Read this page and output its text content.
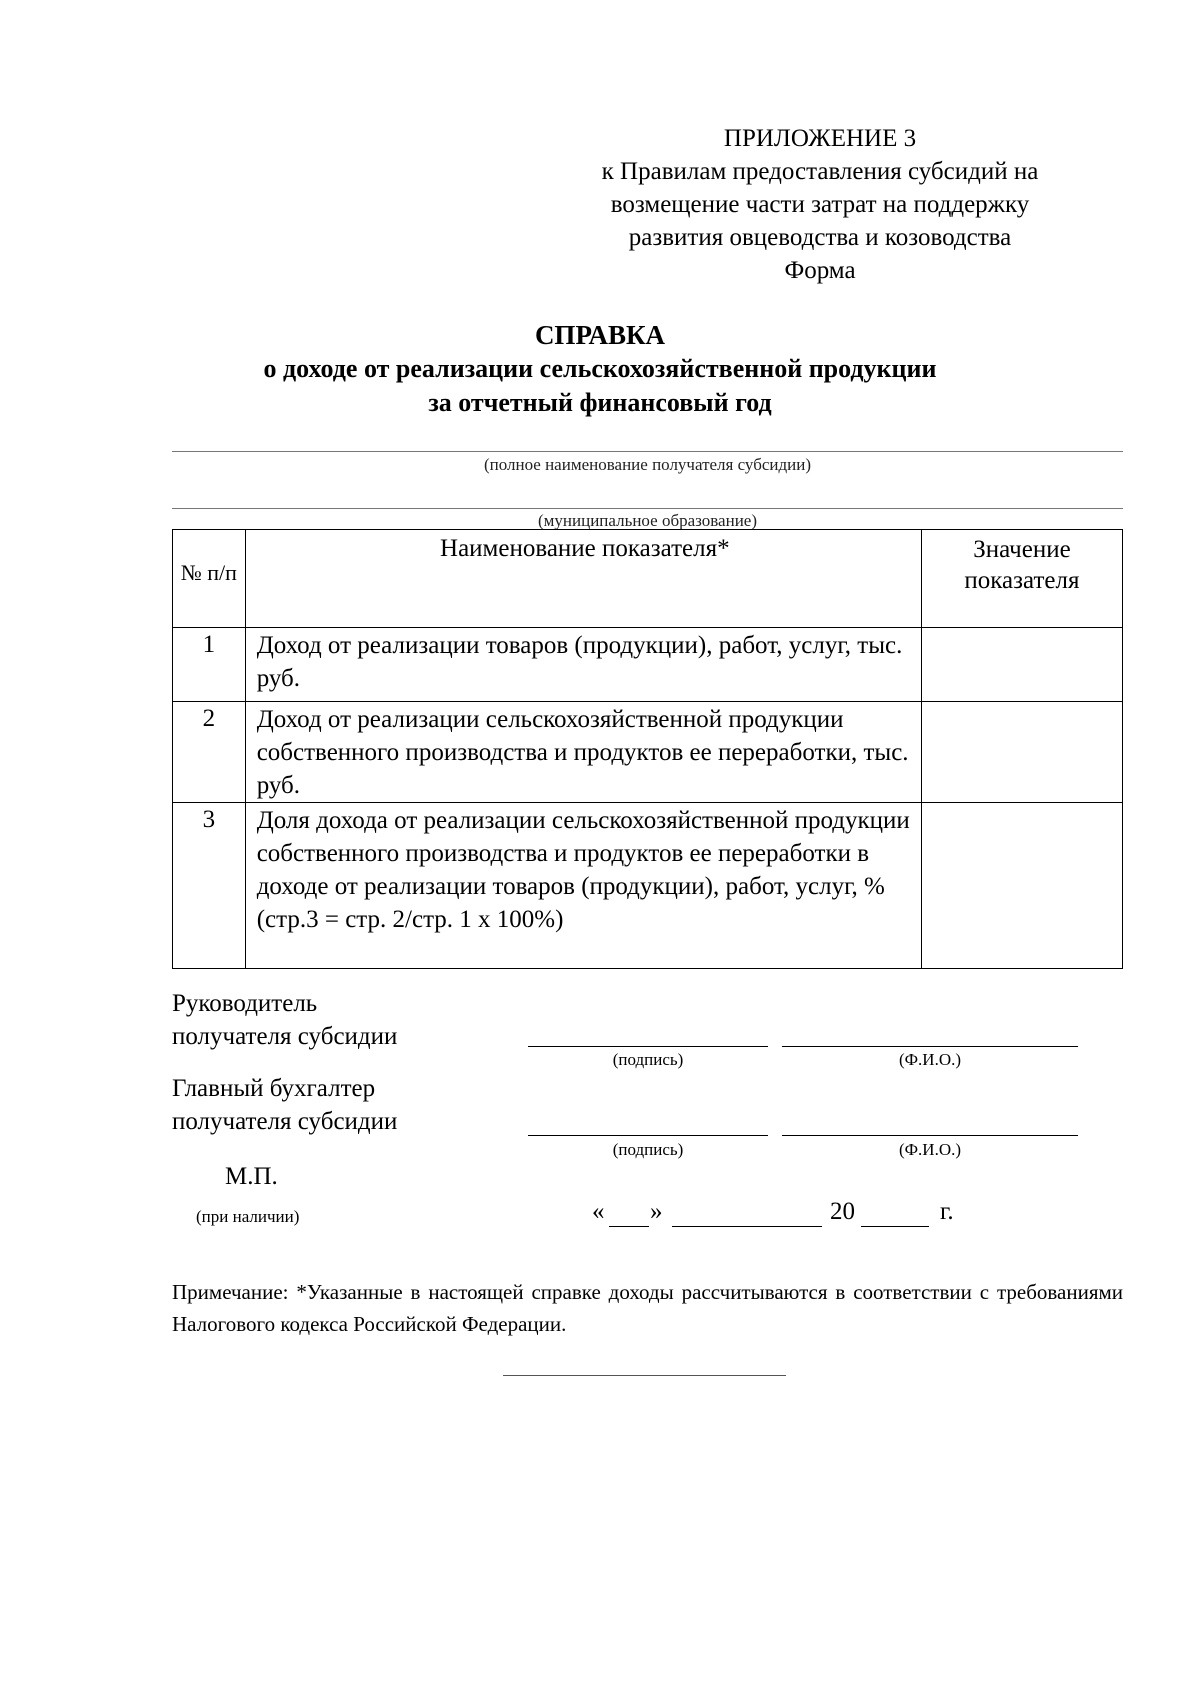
ПРИЛОЖЕНИЕ 3
к Правилам предоставления субсидий на
возмещение части затрат на поддержку
развития овцеводства и козоводства
Форма
СПРАВКА
о доходе от реализации сельскохозяйственной продукции
за отчетный финансовый год
(полное наименование получателя субсидии)
(муниципальное образование)
№ п/п	Наименование показателя*	Значение показателя
1	Доход от реализации товаров (продукции), работ, услуг, тыс. руб.	
2	Доход от реализации сельскохозяйственной продукции собственного производства и продуктов ее переработки, тыс. руб.	
3	Доля дохода от реализации сельскохозяйственной продукции собственного производства и продуктов ее переработки в доходе от реализации товаров (продукции), работ, услуг, % (стр.3 = стр. 2/стр. 1 х 100%)	
Руководитель
получателя субсидии
(подпись)	(Ф.И.О.)
Главный бухгалтер
получателя субсидии
(подпись)	(Ф.И.О.)
М.П.
(при наличии)	« »	20	г.
Примечание: *Указанные в настоящей справке доходы рассчитываются в соответствии с требованиями Налогового кодекса Российской Федерации.
